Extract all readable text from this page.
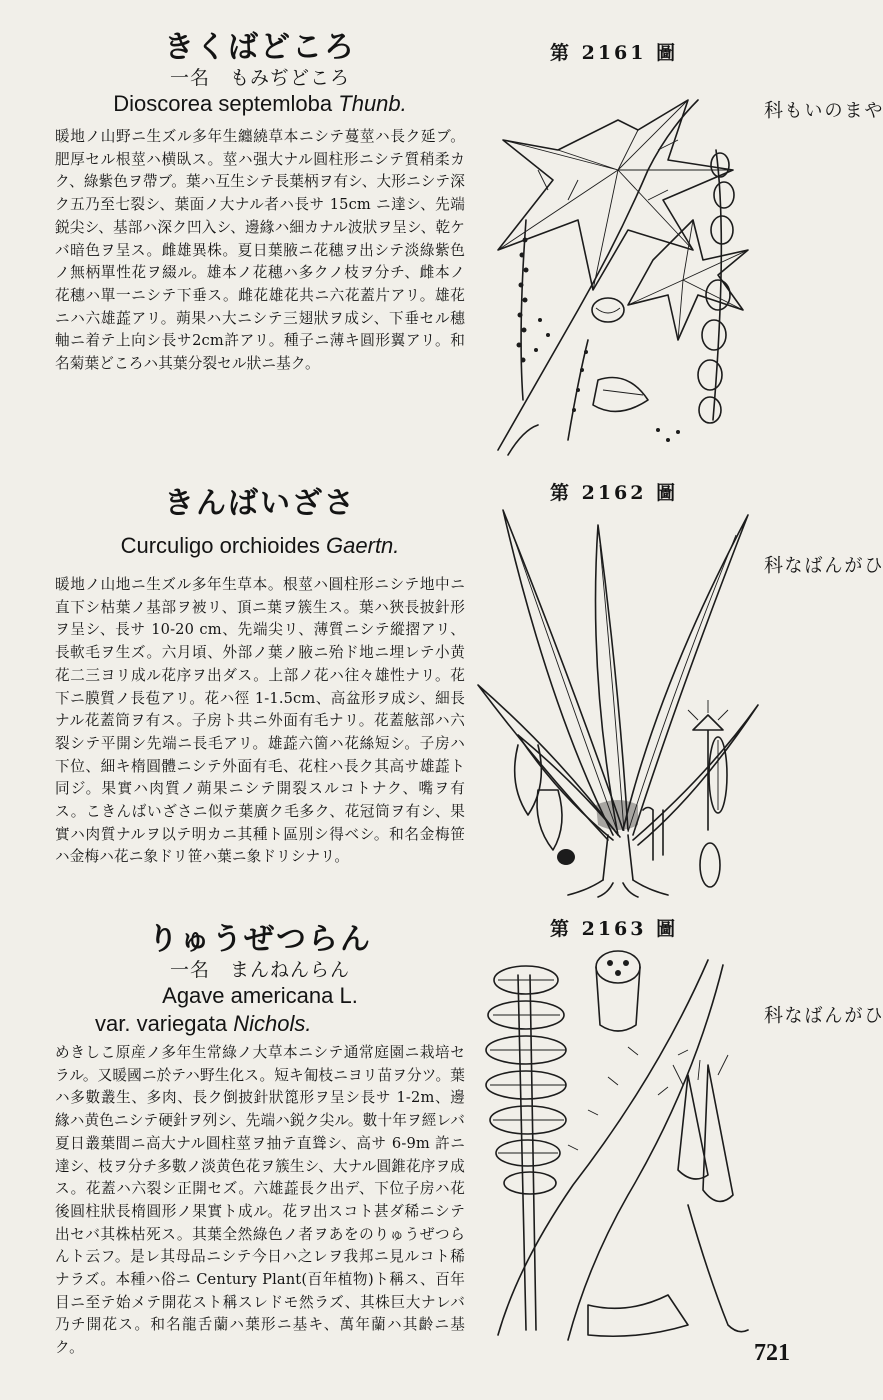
きくばどころ

一名　もみぢどころ

Dioscorea septemloba Thunb.

暖地ノ山野ニ生ズル多年生纏繞草本ニシテ蔓莖ハ長ク延ブ。肥厚セル根莖ハ横臥ス。莖ハ强大ナル圓柱形ニシテ質稍柔カク、綠紫色ヲ帶ブ。葉ハ互生シテ長葉柄ヲ有シ、大形ニシテ深ク五乃至七裂シ、葉面ノ大ナル者ハ長サ 15cm ニ達シ、先端鋭尖シ、基部ハ深ク凹入シ、邊緣ハ細カナル波狀ヲ呈シ、乾ケバ暗色ヲ呈ス。雌雄異株。夏日葉腋ニ花穗ヲ出シテ淡綠紫色ノ無柄單性花ヲ綴ル。雄本ノ花穗ハ多クノ枝ヲ分チ、雌本ノ花穗ハ單一ニシテ下垂ス。雌花雄花共ニ六花蓋片アリ。雄花ニハ六雄蕋アリ。蒴果ハ大ニシテ三翅狀ヲ成シ、下垂セル穗軸ニ着テ上向シ長サ2cm許アリ。種子ニ薄キ圓形翼アリ。和名菊葉どころハ其葉分裂セル狀ニ基ク。

第 2161 圖
やまのいも科

きんばいざさ

Curculigo orchioides Gaertn.

暖地ノ山地ニ生ズル多年生草本。根莖ハ圓柱形ニシテ地中ニ直下シ枯葉ノ基部ヲ被リ、頂ニ葉ヲ簇生ス。葉ハ狹長披針形ヲ呈シ、長サ 10-20 cm、先端尖リ、薄質ニシテ縱摺アリ、長軟毛ヲ生ズ。六月頃、外部ノ葉ノ腋ニ殆ド地ニ埋レテ小黄花二三ヨリ成ル花序ヲ出ダス。上部ノ花ハ往々雄性ナリ。花下ニ膜質ノ長苞アリ。花ハ徑 1-1.5cm、高盆形ヲ成シ、細長ナル花蓋筒ヲ有ス。子房ト共ニ外面有毛ナリ。花蓋舷部ハ六裂シテ平開シ先端ニ長毛アリ。雄蕋六箇ハ花絲短シ。子房ハ下位、細キ楕圓體ニシテ外面有毛、花柱ハ長ク其高サ雄蕋ト同ジ。果實ハ肉質ノ蒴果ニシテ開裂スルコトナク、嘴ヲ有ス。こきんばいざさニ似テ葉廣ク毛多ク、花冠筒ヲ有シ、果實ハ肉質ナルヲ以テ明カニ其種ト區別シ得ベシ。和名金梅笹ハ金梅ハ花ニ象ドリ笹ハ葉ニ象ドリシナリ。

第 2162 圖
ひがんばな科

りゅうぜつらん

一名　まんねんらん

Agave americana L.

var. variegata Nichols.

めきしこ原産ノ多年生常綠ノ大草本ニシテ通常庭園ニ栽培セラル。又暖國ニ於テハ野生化ス。短キ匍枝ニヨリ苗ヲ分ツ。葉ハ多數叢生、多肉、長ク倒披針狀箆形ヲ呈シ長サ 1-2m、邊緣ハ黄色ニシテ硬針ヲ列シ、先端ハ鋭ク尖ル。數十年ヲ經レバ夏日叢葉間ニ高大ナル圓柱莖ヲ抽テ直聳シ、高サ 6-9m 許ニ達シ、枝ヲ分チ多數ノ淡黄色花ヲ簇生シ、大ナル圓錐花序ヲ成ス。花蓋ハ六裂シ正開セズ。六雄蕋長ク出デ、下位子房ハ花後圓柱狀長楕圓形ノ果實ト成ル。花ヲ出スコト甚ダ稀ニシテ出セバ其株枯死ス。其葉全然綠色ノ者ヲあをのりゅうぜつらんト云フ。是レ其母品ニシテ今日ハ之レヲ我邦ニ見ルコト稀ナラズ。本種ハ俗ニ Century Plant(百年植物)ト稱ス、百年目ニ至テ始メテ開花スト稱スレドモ然ラズ、其株巨大ナレバ乃チ開花ス。和名龍舌蘭ハ葉形ニ基キ、萬年蘭ハ其齡ニ基ク。

第 2163 圖
ひがんばな科
721
